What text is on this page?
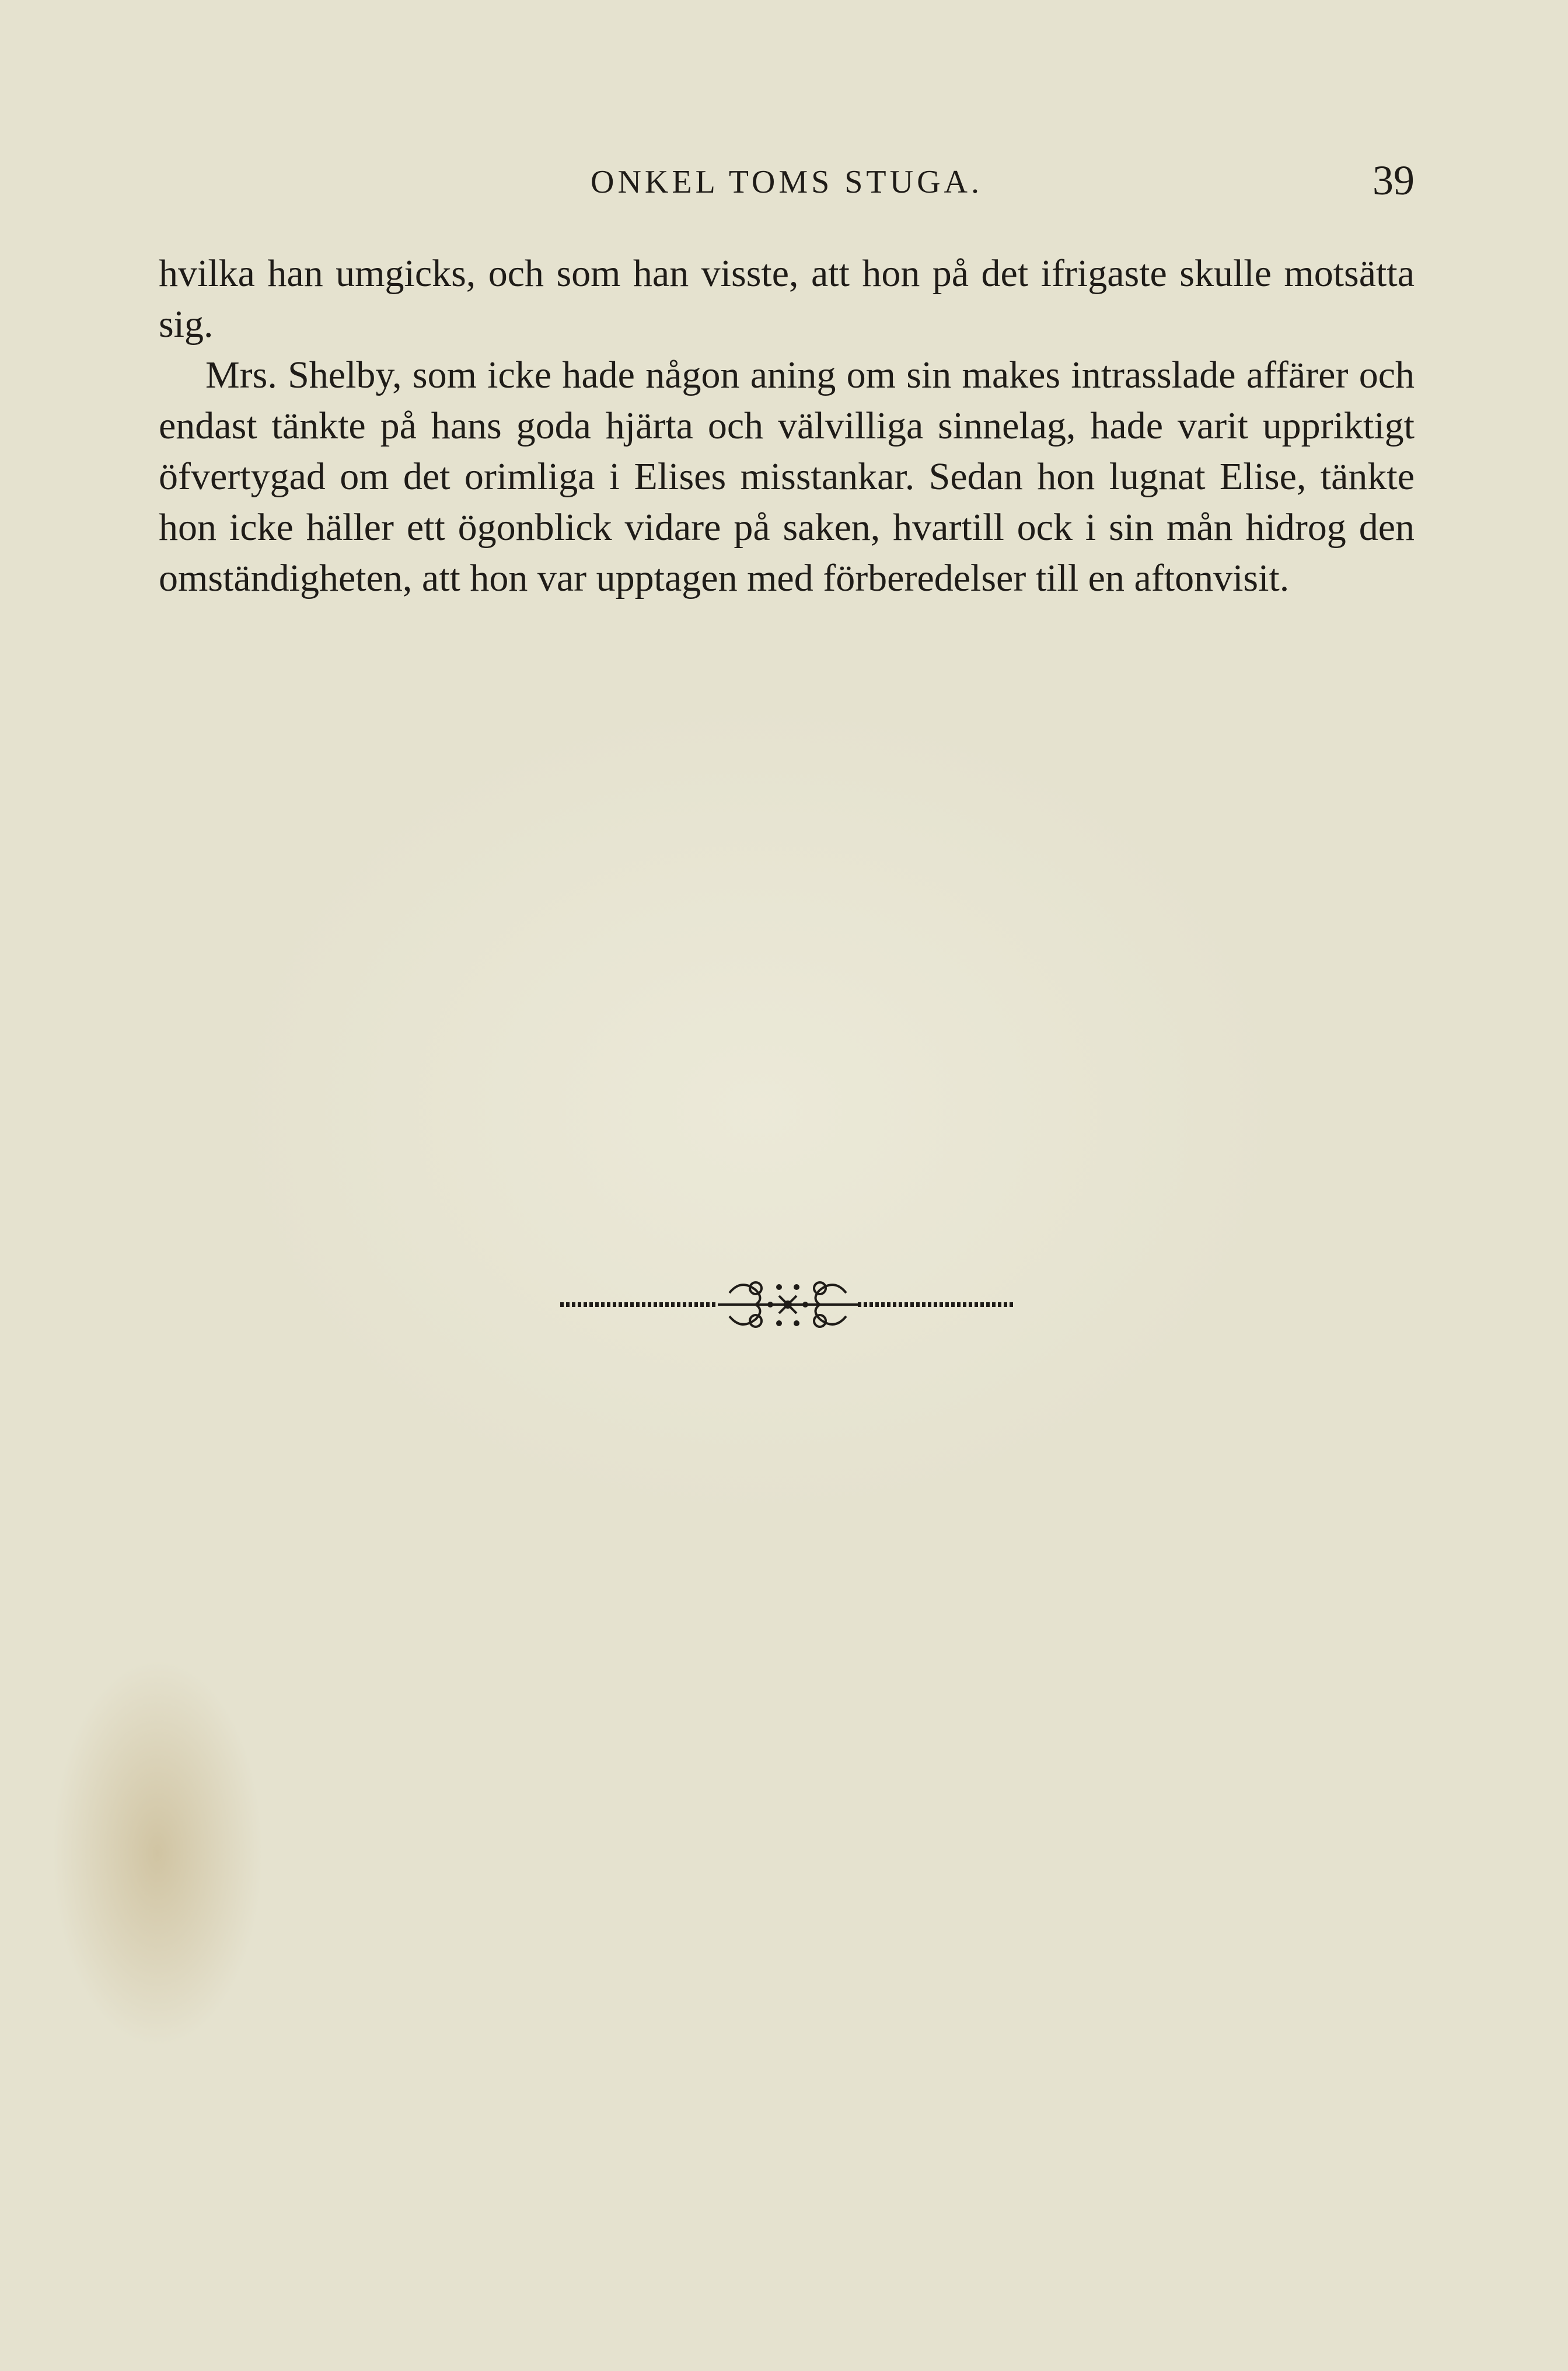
ONKEL TOMS STUGA.	39

hvilka han umgicks, och som han visste, att hon på det ifrigaste skulle motsätta sig.

Mrs. Shelby, som icke hade någon aning om sin makes intrasslade affärer och endast tänkte på hans goda hjärta och välvilliga sinnelag, hade varit uppriktigt öfvertygad om det orimliga i Elises misstankar. Sedan hon lugnat Elise, tänkte hon icke häller ett ögonblick vidare på saken, hvartill ock i sin mån hidrog den omständigheten, att hon var upptagen med förberedelser till en aftonvisit.
